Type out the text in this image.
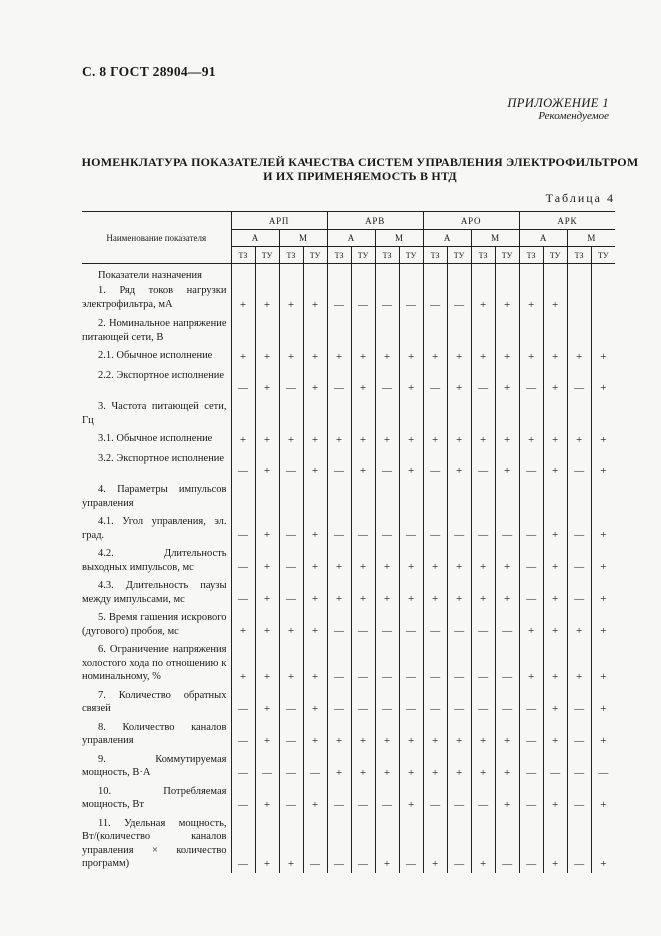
С. 8 ГОСТ 28904—91
ПРИЛОЖЕНИЕ 1
Рекомендуемое
НОМЕНКЛАТУРА ПОКАЗАТЕЛЕЙ КАЧЕСТВА СИСТЕМ УПРАВЛЕНИЯ ЭЛЕКТРОФИЛЬТРОМ
И ИХ ПРИМЕНЯЕМОСТЬ В НТД
Таблица 4
Наименование показателя	АРП				АРВ				АРО				АРК			
	А		М		А		М		А		М		А		М	
	ТЗ	ТУ	ТЗ	ТУ	ТЗ	ТУ	ТЗ	ТУ	ТЗ	ТУ	ТЗ	ТУ	ТЗ	ТУ	ТЗ	ТУ
Показатели назначения																
1. Ряд токов нагрузки электрофильтра, мА	+	+	+	+	—	—	—	—	—	—	+	+	+	+		
2. Номинальное напряжение питающей сети, В																
2.1. Обычное исполнение	+	+	+	+	+	+	+	+	+	+	+	+	+	+	+	+
2.2. Экспортное исполнение	—	+	—	+	—	+	—	+	—	+	—	+	—	+	—	+
3. Частота питающей сети, Гц																
3.1. Обычное исполнение	+	+	+	+	+	+	+	+	+	+	+	+	+	+	+	+
3.2. Экспортное исполнение	—	+	—	+	—	+	—	+	—	+	—	+	—	+	—	+
4. Параметры импульсов управления																
4.1. Угол управления, эл. град.	—	+	—	+	—	—	—	—	—	—	—	—	—	+	—	+
4.2. Длительность выходных импульсов, мс	—	+	—	+	+	+	+	+	+	+	+	+	—	+	—	+
4.3. Длительность паузы между импульсами, мс	—	+	—	+	+	+	+	+	+	+	+	+	—	+	—	+
5. Время гашения искрового (дугового) пробоя, мс	+	+	+	+	—	—	—	—	—	—	—	—	+	+	+	+
6. Ограничение напряжения холостого хода по отношению к номинальному, %	+	+	+	+	—	—	—	—	—	—	—	—	+	+	+	+
7. Количество обратных связей	—	+	—	+	—	—	—	—	—	—	—	—	—	+	—	+
8. Количество каналов управления	—	+	—	+	+	+	+	+	+	+	+	+	—	+	—	+
9. Коммутируемая мощность, В·А	—	—	—	—	+	+	+	+	+	+	+	+	—	—	—	—
10. Потребляемая мощность, Вт	—	+	—	+	—	—	—	+	—	—	—	+	—	+	—	+
11. Удельная мощность, Вт/(количество каналов управления × количество программ)	—	+	+	—	—	—	+	—	+	—	+	—	—	+	—	+
